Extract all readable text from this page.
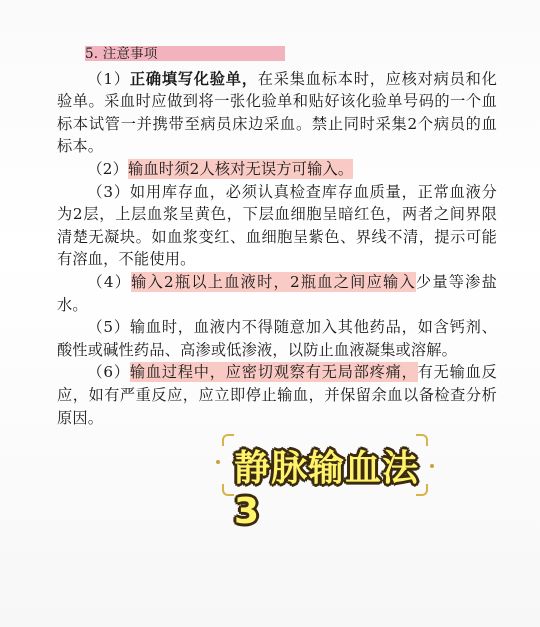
5. 注意事项

（1）正确填写化验单，在采集血标本时，应核对病员和化验单。采血时应做到将一张化验单和贴好该化验单号码的一个血标本试管一并携带至病员床边采血。禁止同时采集2个病员的血标本。

（2）输血时须2人核对无误方可输入。

（3）如用库存血，必须认真检查库存血质量，正常血液分为2层，上层血浆呈黄色，下层血细胞呈暗红色，两者之间界限清楚无凝块。如血浆变红、血细胞呈紫色、界线不清，提示可能有溶血，不能使用。

（4）输入2瓶以上血液时，2瓶血之间应输入少量等渗盐水。

（5）输血时，血液内不得随意加入其他药品，如含钙剂、酸性或碱性药品、高渗或低渗液，以防止血液凝集或溶解。

（6）输血过程中，应密切观察有无局部疼痛，有无输血反应，如有严重反应，应立即停止输血，并保留余血以备检查分析原因。

静脉输血法3
